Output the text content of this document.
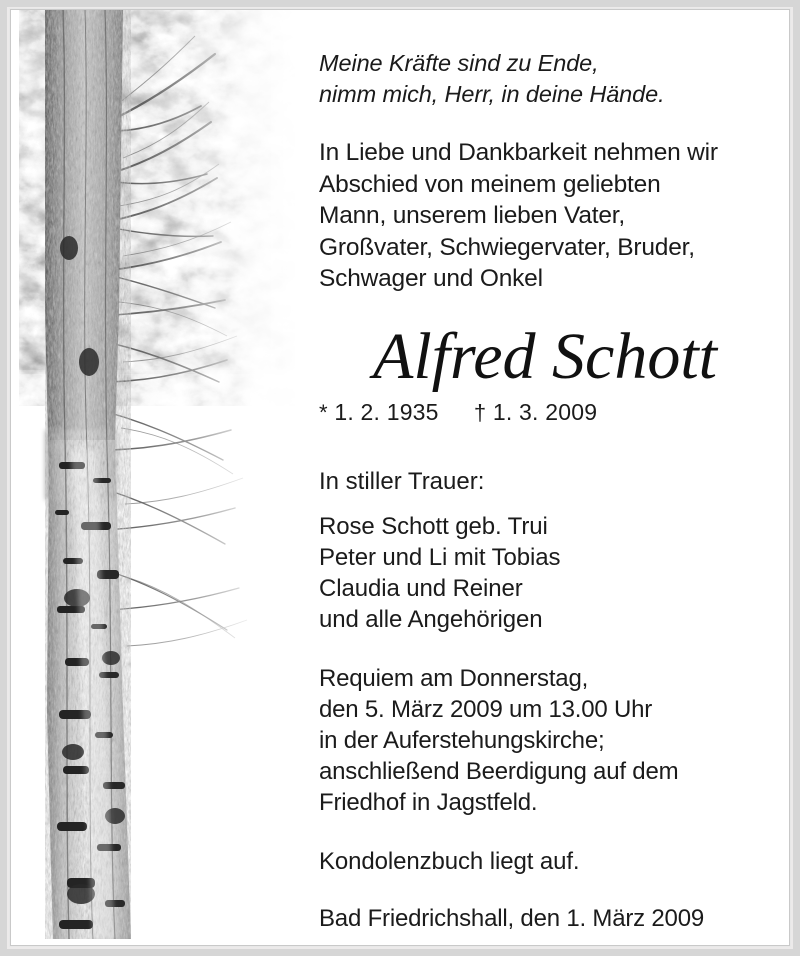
Meine Kräfte sind zu Ende,
nimm mich, Herr, in deine Hände.
In Liebe und Dankbarkeit nehmen wir
Abschied von meinem geliebten
Mann, unserem lieben Vater,
Großvater, Schwiegervater, Bruder,
Schwager und Onkel
Alfred Schott
* 1. 2. 1935 † 1. 3. 2009
In stiller Trauer:
Rose Schott geb. Trui
Peter und Li mit Tobias
Claudia und Reiner
und alle Angehörigen
Requiem am Donnerstag,
den 5. März 2009 um 13.00 Uhr
in der Auferstehungskirche;
anschließend Beerdigung auf dem
Friedhof in Jagstfeld.
Kondolenzbuch liegt auf.
Bad Friedrichshall, den 1. März 2009
